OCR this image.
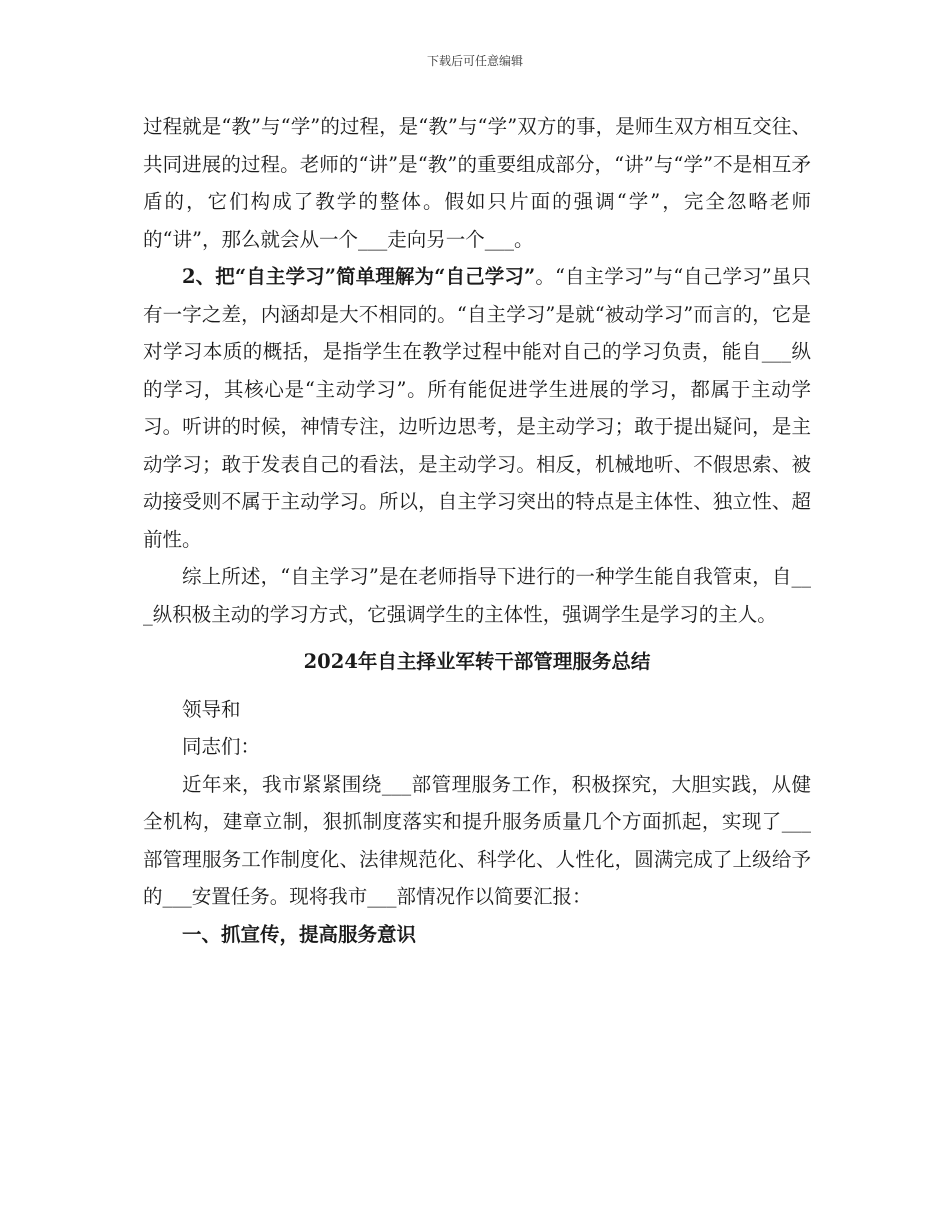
下载后可任意编辑

过程就是“教”与“学”的过程，是“教”与“学”双方的事，是师生双方相互交往、共同进展的过程。老师的“讲”是“教”的重要组成部分，“讲”与“学”不是相互矛盾的，它们构成了教学的整体。假如只片面的强调“学”，完全忽略老师的“讲”，那么就会从一个___走向另一个___。

2、把“自主学习”简单理解为“自己学习”。“自主学习”与“自己学习”虽只有一字之差，内涵却是大不相同的。“自主学习”是就“被动学习”而言的，它是对学习本质的概括，是指学生在教学过程中能对自己的学习负责，能自___纵的学习，其核心是“主动学习”。所有能促进学生进展的学习，都属于主动学习。听讲的时候，神情专注，边听边思考，是主动学习；敢于提出疑问，是主动学习；敢于发表自己的看法，是主动学习。相反，机械地听、不假思索、被动接受则不属于主动学习。所以，自主学习突出的特点是主体性、独立性、超前性。

综上所述，“自主学习”是在老师指导下进行的一种学生能自我管束，自___纵积极主动的学习方式，它强调学生的主体性，强调学生是学习的主人。

2024年自主择业军转干部管理服务总结

领导和

同志们：

近年来，我市紧紧围绕___部管理服务工作，积极探究，大胆实践，从健全机构，建章立制，狠抓制度落实和提升服务质量几个方面抓起，实现了___部管理服务工作制度化、法律规范化、科学化、人性化，圆满完成了上级给予的___安置任务。现将我市___部情况作以简要汇报：

一、抓宣传，提高服务意识
